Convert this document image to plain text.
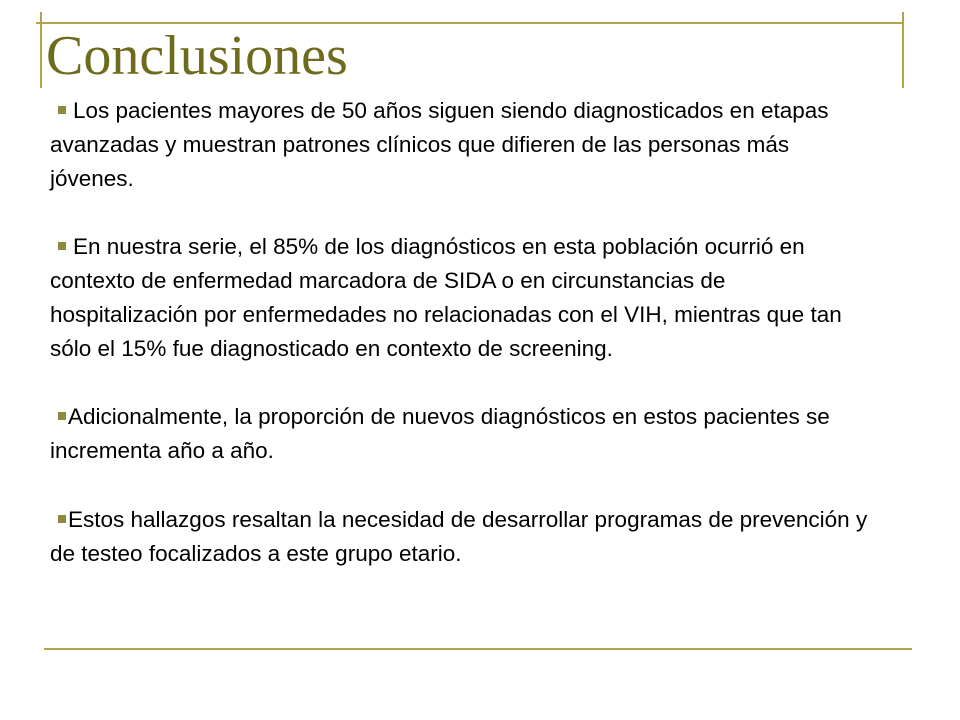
Conclusiones

Los pacientes mayores de 50 años siguen siendo diagnosticados en etapas avanzadas y muestran patrones clínicos que difieren de las personas más jóvenes.

En nuestra serie, el 85% de los diagnósticos en esta población ocurrió en contexto de enfermedad marcadora de SIDA o en circunstancias de hospitalización por enfermedades no relacionadas con el VIH, mientras que tan sólo el 15% fue diagnosticado en contexto de screening.

Adicionalmente, la proporción de nuevos diagnósticos en estos pacientes se incrementa año a año.

Estos hallazgos resaltan la necesidad de desarrollar programas de prevención y de testeo focalizados a este grupo etario.
